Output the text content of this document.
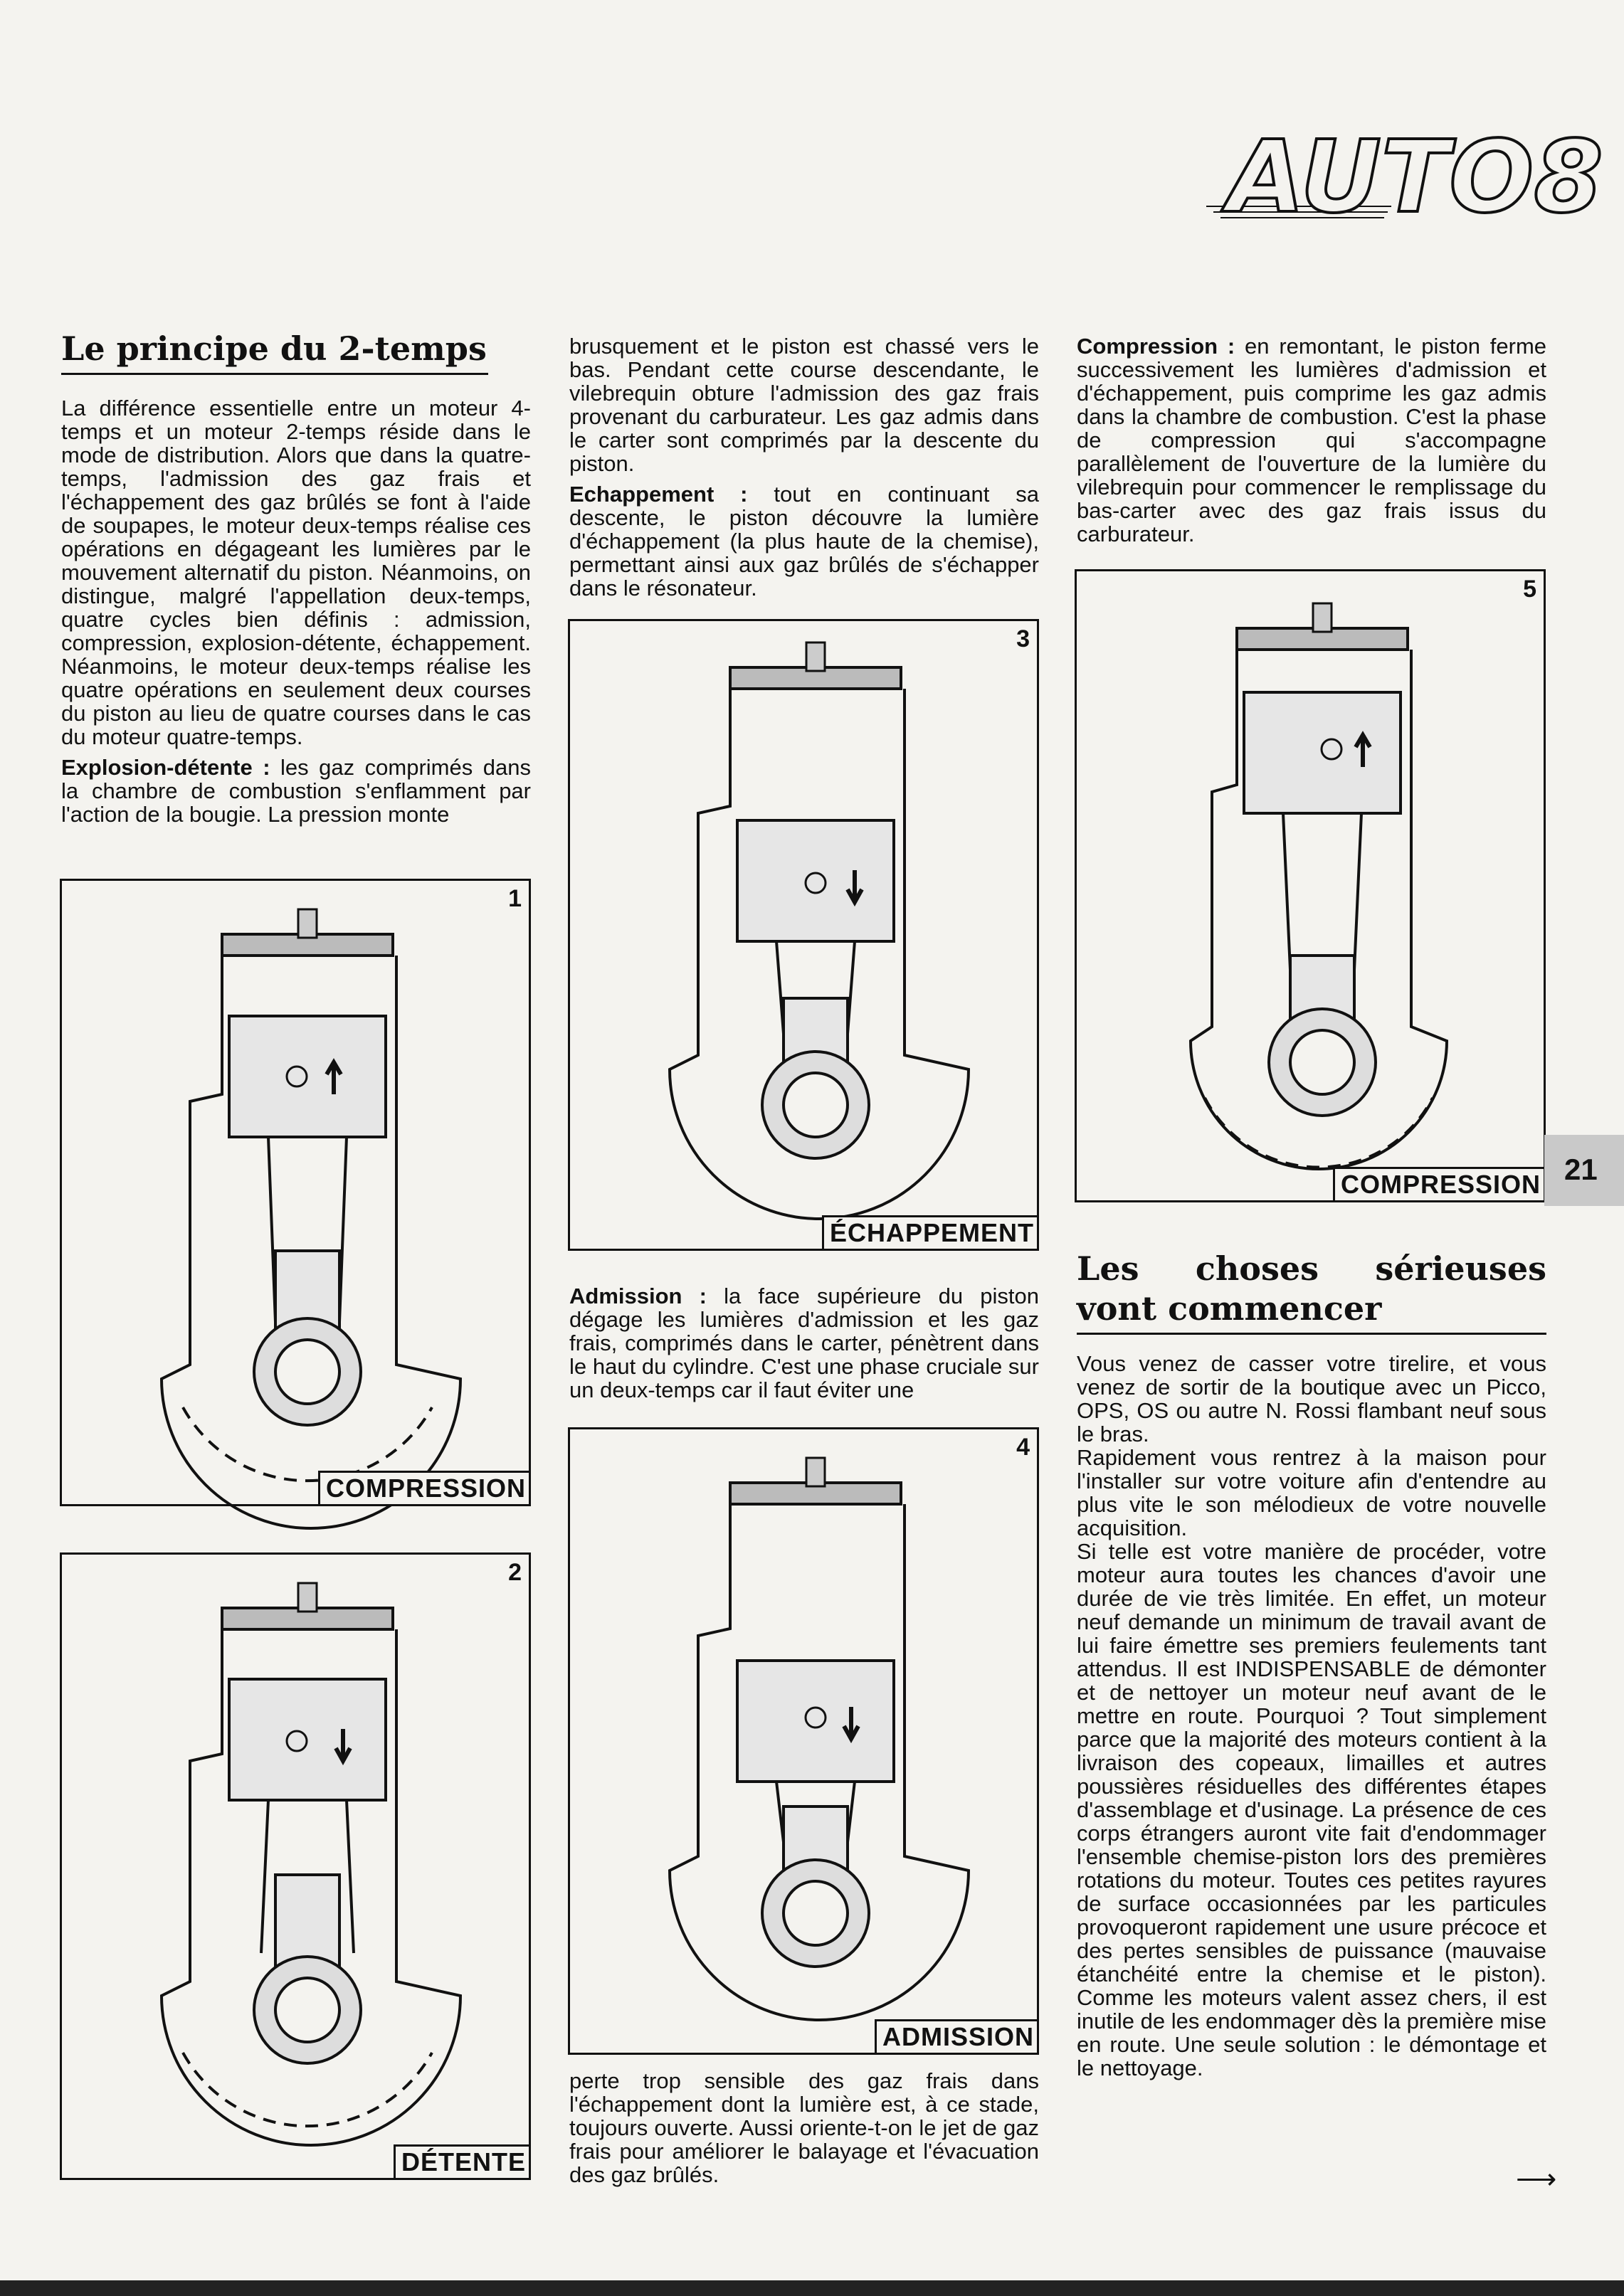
AUTO8
Le principe du 2-temps

La différence essentielle entre un moteur 4-temps et un moteur 2-temps réside dans le mode de distribution. Alors que dans la quatre-temps, l'admission des gaz frais et l'échappement des gaz brûlés se font à l'aide de soupapes, le moteur deux-temps réalise ces opérations en dégageant les lumières par le mouvement alternatif du piston. Néanmoins, on distingue, malgré l'appellation deux-temps, quatre cycles bien définis : admission, compression, explosion-détente, échappement. Néanmoins, le moteur deux-temps réalise les quatre opérations en seulement deux courses du piston au lieu de quatre courses dans le cas du moteur quatre-temps.

Explosion-détente : les gaz comprimés dans la chambre de combustion s'enflamment par l'action de la bougie. La pression monte

brusquement et le piston est chassé vers le bas. Pendant cette course descendante, le vilebrequin obture l'admission des gaz frais provenant du carburateur. Les gaz admis dans le carter sont comprimés par la descente du piston.

Echappement : tout en continuant sa descente, le piston découvre la lumière d'échappement (la plus haute de la chemise), permettant ainsi aux gaz brûlés de s'échapper dans le résonateur.

Admission : la face supérieure du piston dégage les lumières d'admission et les gaz frais, comprimés dans le carter, pénètrent dans le haut du cylindre. C'est une phase cruciale sur un deux-temps car il faut éviter une

perte trop sensible des gaz frais dans l'échappement dont la lumière est, à ce stade, toujours ouverte. Aussi oriente-t-on le jet de gaz frais pour améliorer le balayage et l'évacuation des gaz brûlés.

Compression : en remontant, le piston ferme successivement les lumières d'admission et d'échappement, puis comprime les gaz admis dans la chambre de combustion. C'est la phase de compression qui s'accompagne parallèlement de l'ouverture de la lumière du vilebrequin pour commencer le remplissage du bas-carter avec des gaz frais issus du carburateur.

Les choses sérieuses vont commencer

Vous venez de casser votre tirelire, et vous venez de sortir de la boutique avec un Picco, OPS, OS ou autre N. Rossi flambant neuf sous le bras.

Rapidement vous rentrez à la maison pour l'installer sur votre voiture afin d'entendre au plus vite le son mélodieux de votre nouvelle acquisition.

Si telle est votre manière de procéder, votre moteur aura toutes les chances d'avoir une durée de vie très limitée. En effet, un moteur neuf demande un minimum de travail avant de lui faire émettre ses premiers feulements tant attendus. Il est INDISPENSABLE de démonter et de nettoyer un moteur neuf avant de le mettre en route. Pourquoi ? Tout simplement parce que la majorité des moteurs contient à la livraison des copeaux, limailles et autres poussières résiduelles des différentes étapes d'assemblage et d'usinage. La présence de ces corps étrangers auront vite fait d'endommager l'ensemble chemise-piston lors des premières rotations du moteur. Toutes ces petites rayures de surface occasionnées par les particules provoqueront rapidement une usure précoce et des pertes sensibles de puissance (mauvaise étanchéité entre la chemise et le piston). Comme les moteurs valent assez chers, il est inutile de les endommager dès la première mise en route. Une seule solution : le démontage et le nettoyage.

1
COMPRESSION
2
DÉTENTE
3
ÉCHAPPEMENT
4
ADMISSION
5
COMPRESSION 21
⟶
